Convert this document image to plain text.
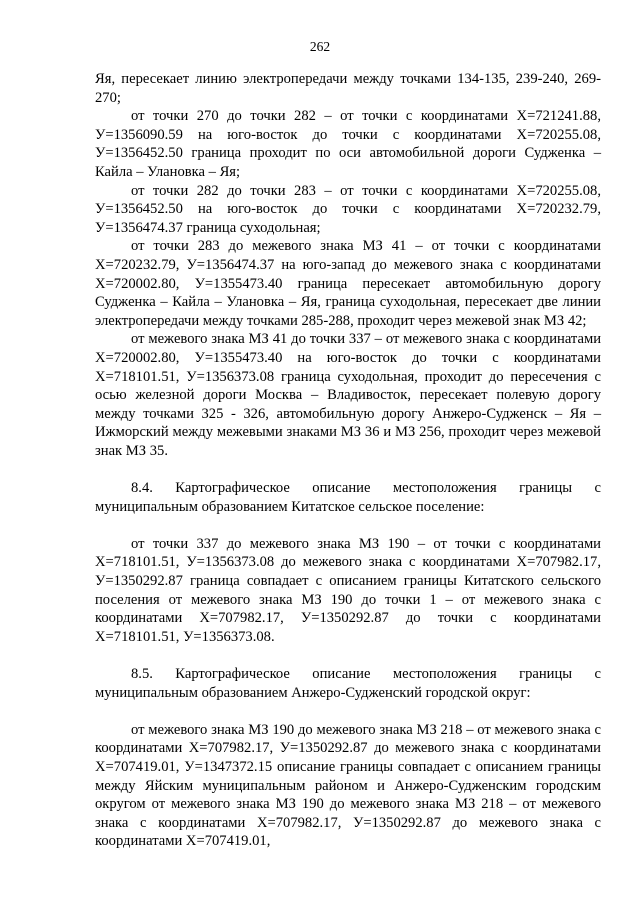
262

Яя, пересекает линию электропередачи между точками 134-135, 239-240, 269-270;

от точки 270 до точки 282 – от точки с координатами X=721241.88, У=1356090.59 на юго-восток до точки с координатами X=720255.08, У=1356452.50 граница проходит по оси автомобильной дороги Судженка – Кайла – Улановка – Яя;

от точки 282 до точки 283 – от точки с координатами X=720255.08, У=1356452.50 на юго-восток до точки с координатами X=720232.79, У=1356474.37 граница суходольная;

от точки 283 до межевого знака МЗ 41 – от точки с координатами X=720232.79, У=1356474.37 на юго-запад до межевого знака с координатами X=720002.80, У=1355473.40 граница пересекает автомобильную дорогу Судженка – Кайла – Улановка – Яя, граница суходольная, пересекает две линии электропередачи между точками 285-288, проходит через межевой знак МЗ 42;

от межевого знака МЗ 41 до точки 337 – от межевого знака с координатами X=720002.80, У=1355473.40 на юго-восток до точки с координатами X=718101.51, У=1356373.08 граница суходольная, проходит до пересечения с осью железной дороги Москва – Владивосток, пересекает полевую дорогу между точками 325 - 326, автомобильную дорогу Анжеро-Судженск – Яя – Ижморский между межевыми знаками МЗ 36 и МЗ 256, проходит через межевой знак МЗ 35.

8.4. Картографическое описание местоположения границы с муниципальным образованием Китатское сельское поселение:

от точки 337 до межевого знака МЗ 190 – от точки с координатами X=718101.51, У=1356373.08 до межевого знака с координатами X=707982.17, У=1350292.87 граница совпадает с описанием границы Китатского сельского поселения от межевого знака МЗ 190 до точки 1 – от межевого знака с координатами X=707982.17, У=1350292.87 до точки с координатами X=718101.51, У=1356373.08.

8.5. Картографическое описание местоположения границы с муниципальным образованием Анжеро-Судженский городской округ:

от межевого знака МЗ 190 до межевого знака МЗ 218 – от межевого знака с координатами X=707982.17, У=1350292.87 до межевого знака с координатами X=707419.01, У=1347372.15 описание границы совпадает с описанием границы между Яйским муниципальным районом и Анжеро-Судженским городским округом от межевого знака МЗ 190 до межевого знака МЗ 218 – от межевого знака с координатами X=707982.17, У=1350292.87 до межевого знака с координатами X=707419.01,
